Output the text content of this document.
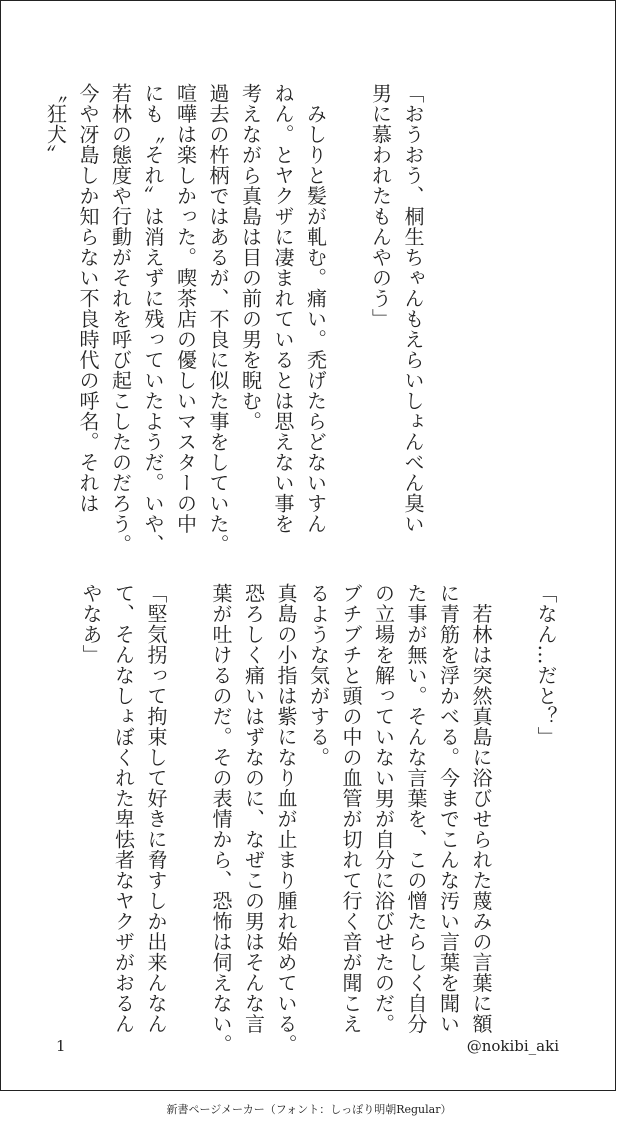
「おうおう、桐生ちゃんもえらいしょんべん臭い
男に慕われたもんやのう」

　みしりと髪が軋む。痛い。禿げたらどないすん
ねん。とヤクザに凄まれているとは思えない事を
考えながら真島は目の前の男を睨む。
過去の杵柄ではあるが、不良に似た事をしていた。
喧嘩は楽しかった。喫茶店の優しいマスターの中
にも〝それ〟は消えずに残っていたようだ。いや、
若林の態度や行動がそれを呼び起こしたのだろう。
今や冴島しか知らない不良時代の呼名。それは
〝狂犬〟
「なん…だと？」

　若林は突然真島に浴びせられた蔑みの言葉に額
に青筋を浮かべる。今までこんな汚い言葉を聞い
た事が無い。そんな言葉を、この憎たらしく自分
の立場を解っていない男が自分に浴びせたのだ。
ブチブチと頭の中の血管が切れて行く音が聞こえ
るような気がする。
真島の小指は紫になり血が止まり腫れ始めている。
恐ろしく痛いはずなのに、なぜこの男はそんな言
葉が吐けるのだ。その表情から、恐怖は伺えない。

「堅気拐って拘束して好きに脅すしか出来んなん
て、そんなしょぼくれた卑怯者なヤクザがおるん
やなあ」
1	@nokibi_aki
新書ページメーカー（フォント：しっぽり明朝Regular）
